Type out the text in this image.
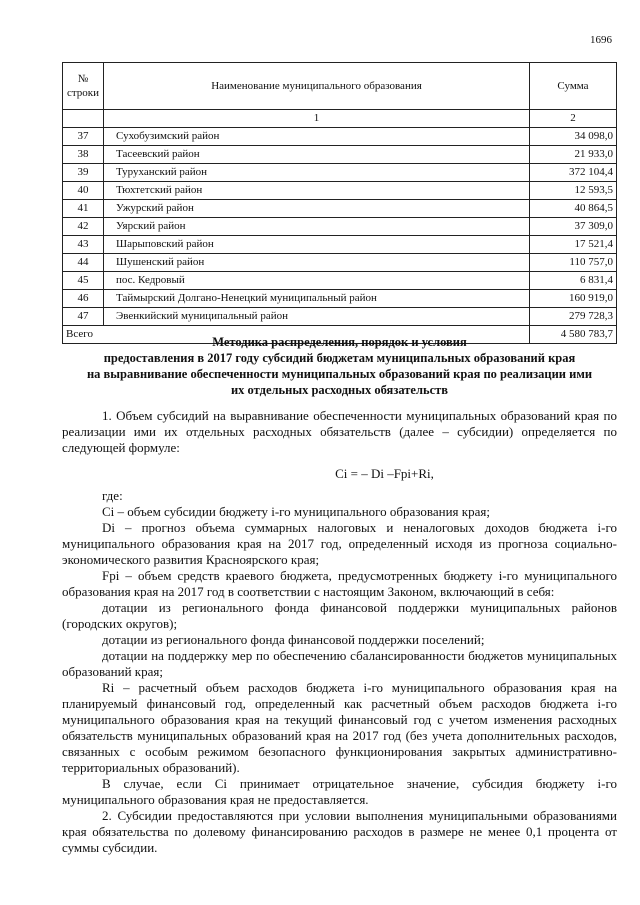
1696
№ строки	Наименование муниципального образования	Сумма
	1	2
37	Сухобузимский район	34 098,0
38	Тасеевский район	21 933,0
39	Туруханский район	372 104,4
40	Тюхтетский район	12 593,5
41	Ужурский район	40 864,5
42	Уярский район	37 309,0
43	Шарыповский район	17 521,4
44	Шушенский район	110 757,0
45	пос. Кедровый	6 831,4
46	Таймырский Долгано-Ненецкий муниципальный район	160 919,0
47	Эвенкийский муниципальный район	279 728,3
Всего		4 580 783,7
Методика распределения, порядок и условия
предоставления в 2017 году субсидий бюджетам муниципальных образований края
на выравнивание обеспеченности муниципальных образований края по реализации ими
их отдельных расходных обязательств

1. Объем субсидий на выравнивание обеспеченности муниципальных образований края по реализации ими их отдельных расходных обязательств (далее – субсидии) определяется по следующей формуле:

Ci = – Di –Fpi+Ri,

где:

Ci – объем субсидии бюджету i-го муниципального образования края;

Di – прогноз объема суммарных налоговых и неналоговых доходов бюджета i-го муниципального образования края на 2017 год, определенный исходя из прогноза социально-экономического развития Красноярского края;

Fpi – объем средств краевого бюджета, предусмотренных бюджету i-го муниципального образования края на 2017 год в соответствии с настоящим Законом, включающий в себя:

дотации из регионального фонда финансовой поддержки муниципальных районов (городских округов);

дотации из регионального фонда финансовой поддержки поселений;

дотации на поддержку мер по обеспечению сбалансированности бюджетов муниципальных образований края;

Ri – расчетный объем расходов бюджета i-го муниципального образования края на планируемый финансовый год, определенный как расчетный объем расходов бюджета i-го муниципального образования края на текущий финансовый год с учетом изменения расходных обязательств муниципальных образований края на 2017 год (без учета дополнительных расходов, связанных с особым режимом безопасного функционирования закрытых административно-территориальных образований).

В случае, если Ci принимает отрицательное значение, субсидия бюджету i-го муниципального образования края не предоставляется.

2. Субсидии предоставляются при условии выполнения муниципальными образованиями края обязательства по долевому финансированию расходов в размере не менее 0,1 процента от суммы субсидии.
